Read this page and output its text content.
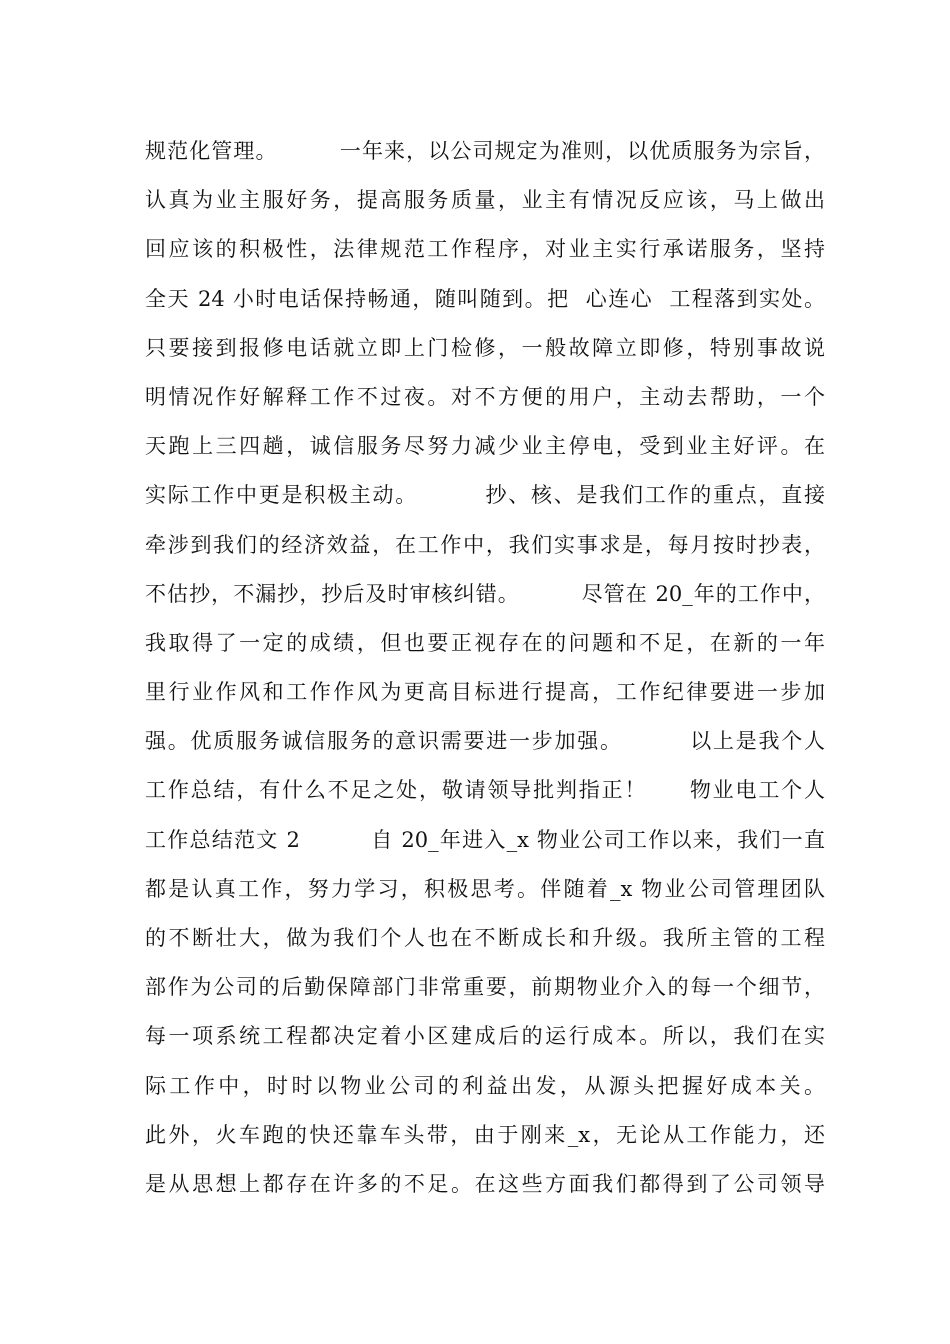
规范化管理。        一年来，以公司规定为准则，以优质服务为宗旨，
认真为业主服好务，提高服务质量，业主有情况反应该，马上做出
回应该的积极性，法律规范工作程序，对业主实行承诺服务，坚持
全天 24 小时电话保持畅通，随叫随到。把  心连心  工程落到实处。
只要接到报修电话就立即上门检修，一般故障立即修，特别事故说
明情况作好解释工作不过夜。对不方便的用户，主动去帮助，一个
天跑上三四趟，诚信服务尽努力减少业主停电，受到业主好评。在
实际工作中更是积极主动。        抄、核、是我们工作的重点，直接
牵涉到我们的经济效益，在工作中，我们实事求是，每月按时抄表，
不估抄，不漏抄，抄后及时审核纠错。        尽管在 20_年的工作中，
我取得了一定的成绩，但也要正视存在的问题和不足，在新的一年
里行业作风和工作作风为更高目标进行提高，工作纪律要进一步加
强。优质服务诚信服务的意识需要进一步加强。        以上是我个人
工作总结，有什么不足之处，敬请领导批判指正！     物业电工个人
工作总结范文 2         自 20_年进入_x 物业公司工作以来，我们一直
都是认真工作，努力学习，积极思考。伴随着_x 物业公司管理团队
的不断壮大，做为我们个人也在不断成长和升级。我所主管的工程
部作为公司的后勤保障部门非常重要，前期物业介入的每一个细节，
每一项系统工程都决定着小区建成后的运行成本。所以，我们在实
际工作中，时时以物业公司的利益出发，从源头把握好成本关。
此外，火车跑的快还靠车头带，由于刚来_x，无论从工作能力，还
是从思想上都存在许多的不足。在这些方面我们都得到了公司领导
